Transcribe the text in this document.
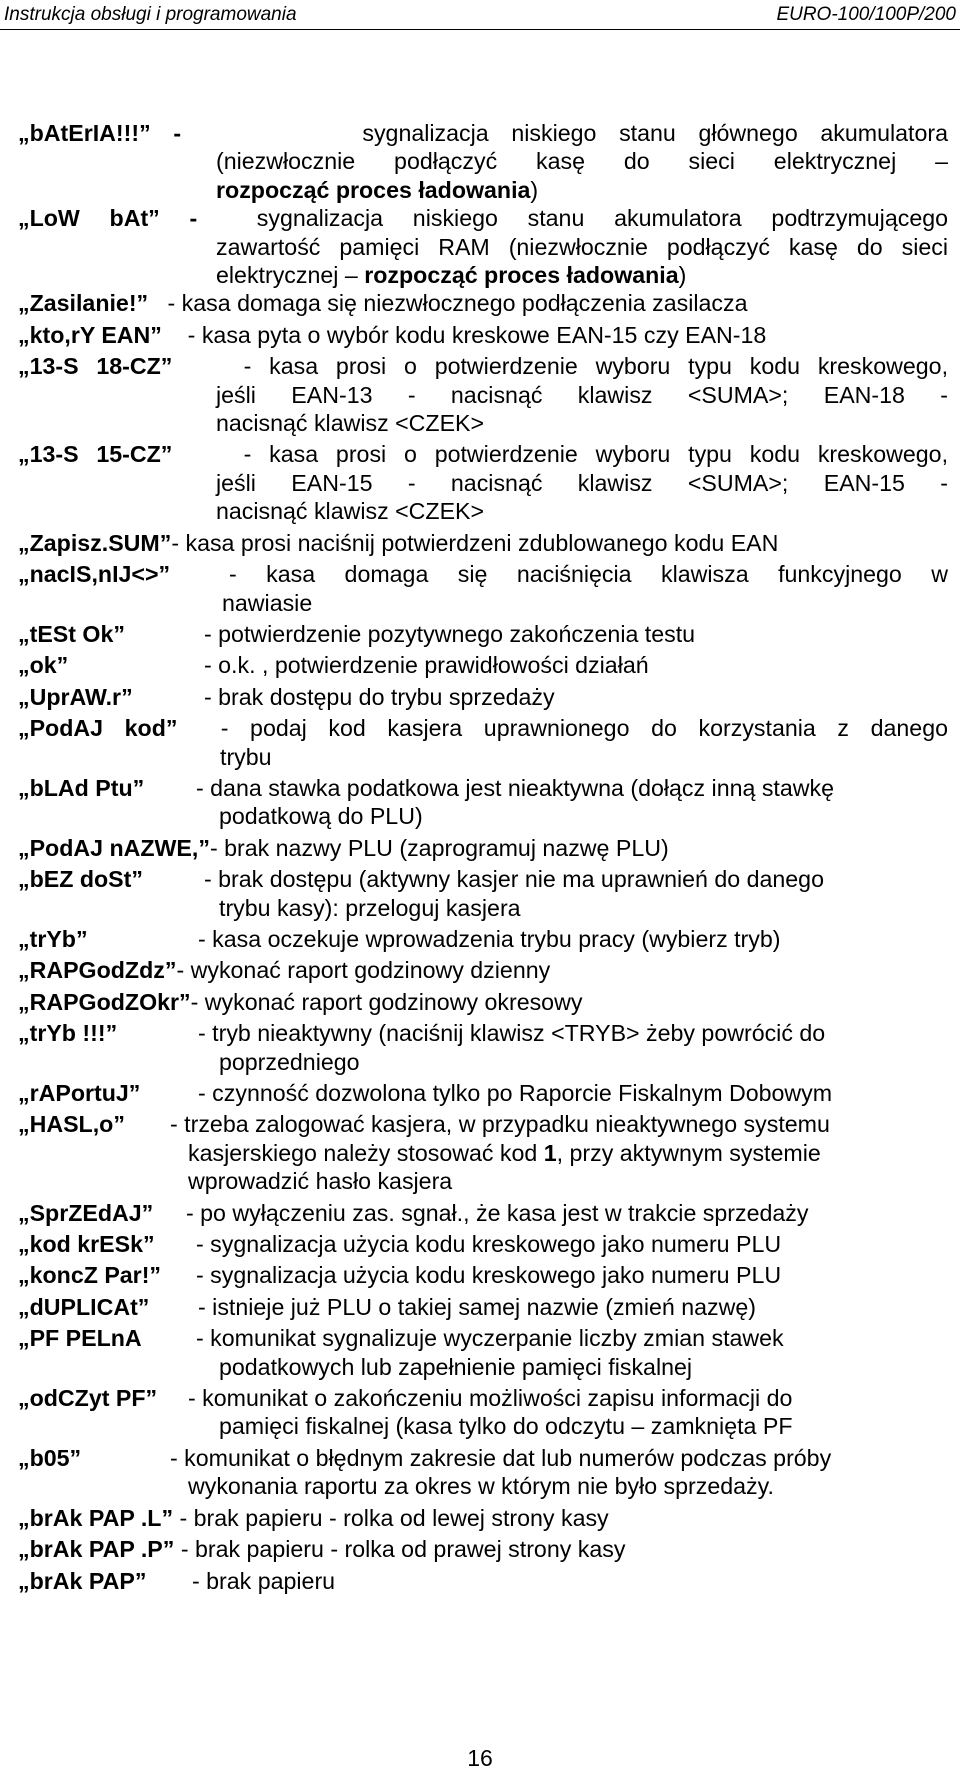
Instrukcja obsługi i programowania	EURO-100/100P/200
„bAtErIA!!!” -	sygnalizacja niskiego stanu głównego akumulatora
(niezwłocznie podłączyć kasę do sieci elektrycznej –
rozpocząć proces ładowania)
„LoW bAt” -	sygnalizacja niskiego stanu akumulatora podtrzymującego
zawartość pamięci RAM (niezwłocznie podłączyć kasę do sieci
elektrycznej – rozpocząć proces ładowania)
„Zasilanie!” - kasa domaga się niezwłocznego podłączenia zasilacza
„kto,rY EAN” - kasa pyta o wybór kodu kreskowe EAN-15 czy EAN-18
„13-S 18-CZ”	- kasa prosi o potwierdzenie wyboru typu kodu kreskowego,
jeśli EAN-13 - nacisnąć klawisz <SUMA>; EAN-18 -
nacisnąć klawisz <CZEK>
„13-S 15-CZ”	- kasa prosi o potwierdzenie wyboru typu kodu kreskowego,
jeśli EAN-15 - nacisnąć klawisz <SUMA>; EAN-15 -
nacisnąć klawisz <CZEK>
„Zapisz.SUM”- kasa prosi naciśnij potwierdzeni zdublowanego kodu EAN
„nacIS,nIJ<>”	- kasa domaga się naciśnięcia klawisza funkcyjnego w
nawiasie
„tESt Ok”	- potwierdzenie pozytywnego zakończenia testu
„ok”	- o.k. , potwierdzenie prawidłowości działań
„UprAW.r”	- brak dostępu do trybu sprzedaży
„PodAJ kod” - podaj kod kasjera uprawnionego do korzystania z danego
trybu
„bLAd Ptu” - dana stawka podatkowa jest nieaktywna (dołącz inną stawkę
podatkową do PLU)
„PodAJ nAZWE,”- brak nazwy PLU (zaprogramuj nazwę PLU)
„bEZ doSt”	- brak dostępu (aktywny kasjer nie ma uprawnień do danego
trybu kasy): przeloguj kasjera
„trYb”	- kasa oczekuje wprowadzenia trybu pracy (wybierz tryb)
„RAPGodZdz”- wykonać raport godzinowy dzienny
„RAPGodZOkr”- wykonać raport godzinowy okresowy
„trYb !!!”	- tryb nieaktywny (naciśnij klawisz <TRYB> żeby powrócić do
poprzedniego
„rAPortuJ” - czynność dozwolona tylko po Raporcie Fiskalnym Dobowym
„HASL,o” - trzeba zalogować kasjera, w przypadku nieaktywnego systemu
kasjerskiego należy stosować kod 1, przy aktywnym systemie
wprowadzić hasło kasjera
„SprZEdAJ” - po wyłączeniu zas. sgnał., że kasa jest w trakcie sprzedaży
„kod krESk” - sygnalizacja użycia kodu kreskowego jako numeru PLU
„koncZ Par!” - sygnalizacja użycia kodu kreskowego jako numeru PLU
„dUPLICAt” - istnieje już PLU o takiej samej nazwie (zmień nazwę)
„PF PELnA - komunikat sygnalizuje wyczerpanie liczby zmian stawek
podatkowych lub zapełnienie pamięci fiskalnej
„odCZyt PF” - komunikat o zakończeniu możliwości zapisu informacji do
pamięci fiskalnej (kasa tylko do odczytu – zamknięta PF
„b05”	- komunikat o błędnym zakresie dat lub numerów podczas próby
wykonania raportu za okres w którym nie było sprzedaży.
„brAk PAP .L” - brak papieru - rolka od lewej strony kasy
„brAk PAP .P” - brak papieru - rolka od prawej strony kasy
„brAk PAP” - brak papieru
16
